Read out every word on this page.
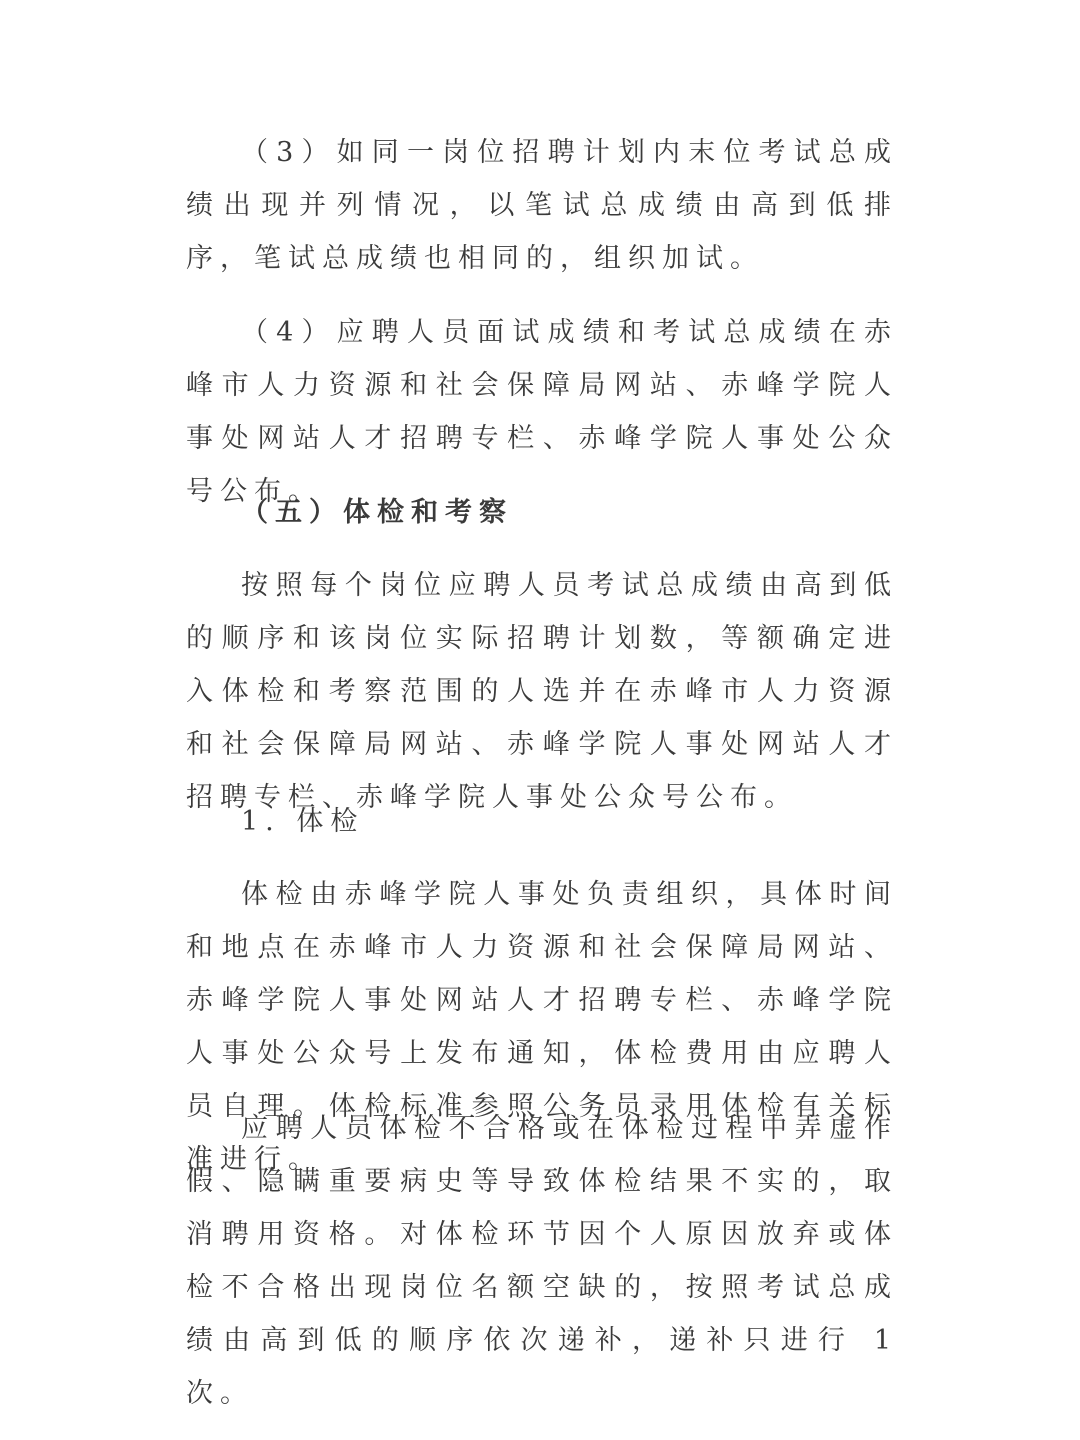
（3）如同一岗位招聘计划内末位考试总成绩出现并列情况，以笔试总成绩由高到低排序，笔试总成绩也相同的，组织加试。

（4）应聘人员面试成绩和考试总成绩在赤峰市人力资源和社会保障局网站、赤峰学院人事处网站人才招聘专栏、赤峰学院人事处公众号公布。

（五）体检和考察

按照每个岗位应聘人员考试总成绩由高到低的顺序和该岗位实际招聘计划数，等额确定进入体检和考察范围的人选并在赤峰市人力资源和社会保障局网站、赤峰学院人事处网站人才招聘专栏、赤峰学院人事处公众号公布。

1. 体检

体检由赤峰学院人事处负责组织，具体时间和地点在赤峰市人力资源和社会保障局网站、赤峰学院人事处网站人才招聘专栏、赤峰学院人事处公众号上发布通知，体检费用由应聘人员自理。体检标准参照公务员录用体检有关标准进行。

应聘人员体检不合格或在体检过程中弄虚作假、隐瞒重要病史等导致体检结果不实的，取消聘用资格。对体检环节因个人原因放弃或体检不合格出现岗位名额空缺的，按照考试总成绩由高到低的顺序依次递补，递补只进行 1 次。
